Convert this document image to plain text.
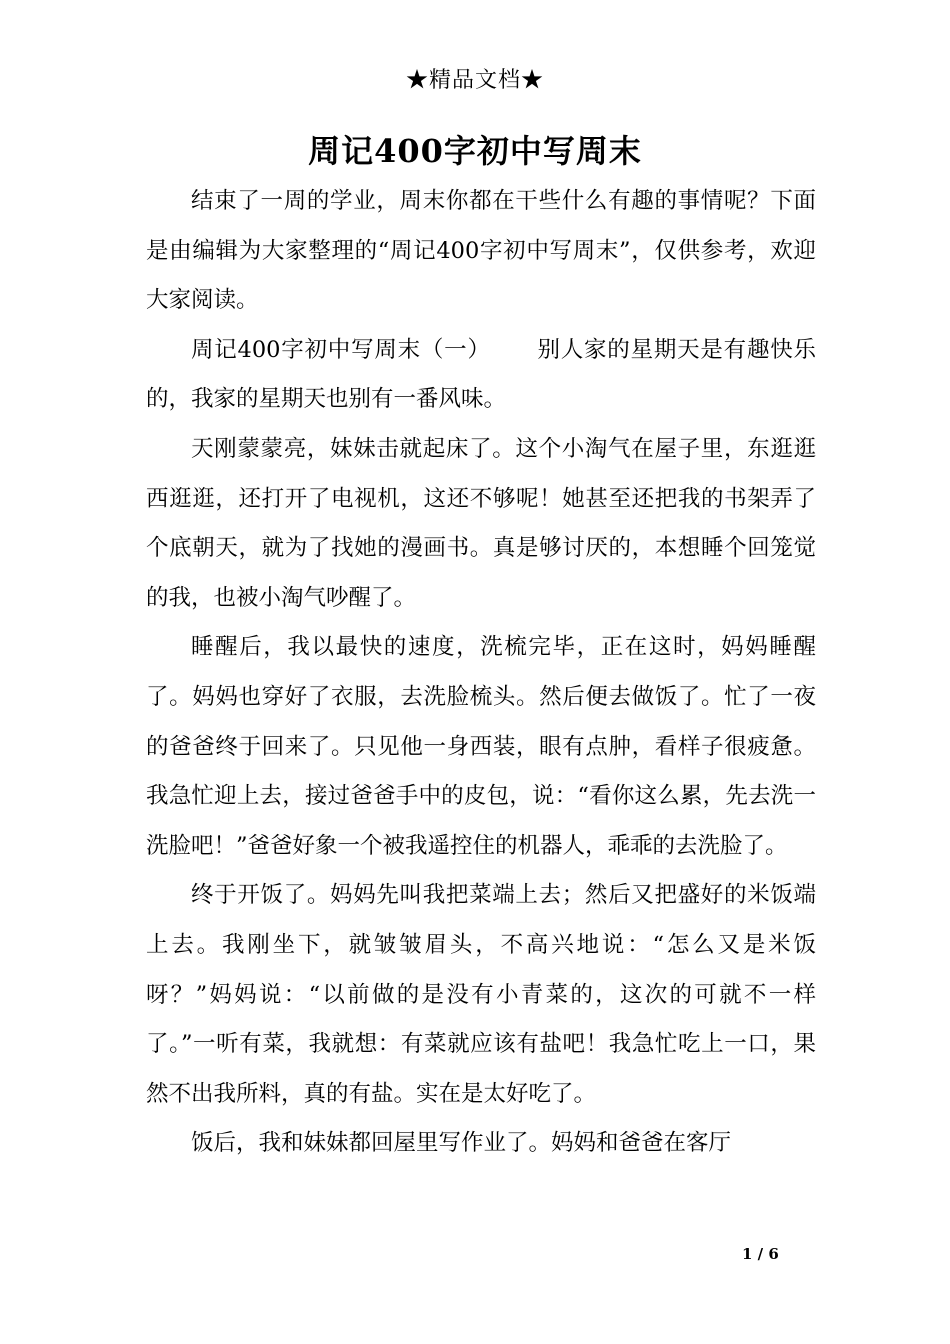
★精品文档★
周记400字初中写周末

结束了一周的学业，周末你都在干些什么有趣的事情呢？下面是由编辑为大家整理的“周记400字初中写周末”，仅供参考，欢迎大家阅读。

周记400字初中写周末（一） 别人家的星期天是有趣快乐的，我家的星期天也别有一番风味。

天刚蒙蒙亮，妹妹击就起床了。这个小淘气在屋子里，东逛逛西逛逛，还打开了电视机，这还不够呢！她甚至还把我的书架弄了个底朝天，就为了找她的漫画书。真是够讨厌的，本想睡个回笼觉的我，也被小淘气吵醒了。

睡醒后，我以最快的速度，洗梳完毕，正在这时，妈妈睡醒了。妈妈也穿好了衣服，去洗脸梳头。然后便去做饭了。忙了一夜的爸爸终于回来了。只见他一身西装，眼有点肿，看样子很疲惫。我急忙迎上去，接过爸爸手中的皮包，说：“看你这么累，先去洗一洗脸吧！”爸爸好象一个被我遥控住的机器人，乖乖的去洗脸了。

终于开饭了。妈妈先叫我把菜端上去；然后又把盛好的米饭端上去。我刚坐下，就皱皱眉头，不高兴地说：“怎么又是米饭呀？”妈妈说：“以前做的是没有小青菜的，这次的可就不一样了。”一听有菜，我就想：有菜就应该有盐吧！我急忙吃上一口，果然不出我所料，真的有盐。实在是太好吃了。

饭后，我和妹妹都回屋里写作业了。妈妈和爸爸在客厅

1 / 6
